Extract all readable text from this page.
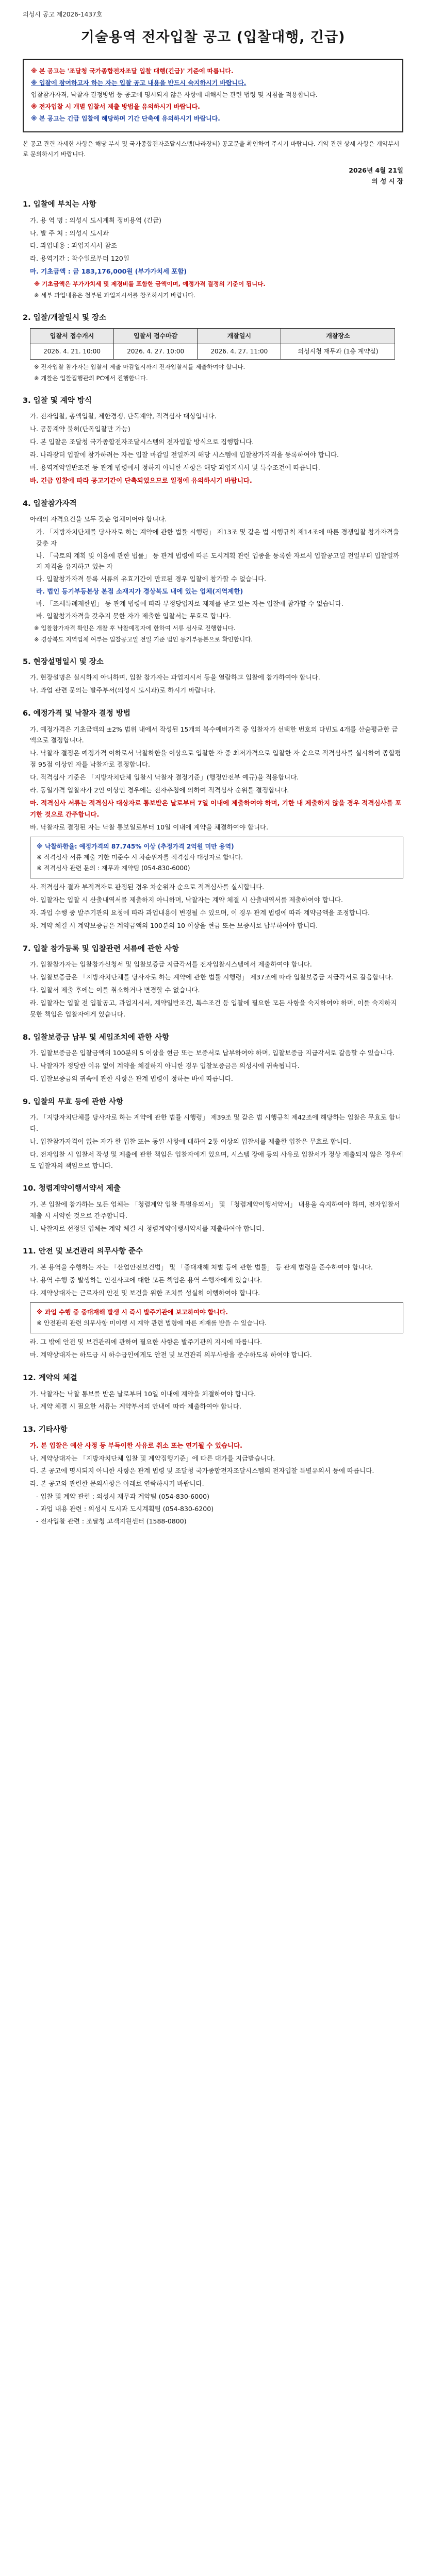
의성시 공고 제2026-1437호
기술용역 전자입찰 공고 (입찰대행, 긴급)
※ 본 공고는 '조달청 국가종합전자조달 입찰 대행(긴급)' 기준에 따릅니다.
※ 입찰에 참여하고자 하는 자는 입찰 공고 내용을 반드시 숙지하시기 바랍니다.
입찰참가자격, 낙찰자 결정방법 등 공고에 명시되지 않은 사항에 대해서는 관련 법령 및 지침을 적용합니다.
※ 전자입찰 시 개별 입찰서 제출 방법을 유의하시기 바랍니다.
※ 본 공고는 긴급 입찰에 해당하며 기간 단축에 유의하시기 바랍니다.
본 공고 관련 자세한 사항은 해당 부서 및 국가종합전자조달시스템(나라장터) 공고문을 확인하여 주시기 바랍니다. 계약 관련 상세 사항은 계약부서로 문의하시기 바랍니다.
2026년 4월 21일
의 성 시 장
1. 입찰에 부치는 사항
가. 용 역 명 : 의성시 도시계획 정비용역 (긴급)
나. 발 주 처 : 의성시 도시과
다. 과업내용 : 과업지시서 참조
라. 용역기간 : 착수일로부터 120일
마. 기초금액 : 금 183,176,000원 (부가가치세 포함)
※ 기초금액은 부가가치세 및 제경비를 포함한 금액이며, 예정가격 결정의 기준이 됩니다.
※ 세부 과업내용은 첨부된 과업지시서를 참조하시기 바랍니다.
2. 입찰/개찰일시 및 장소
입찰서 접수개시	입찰서 접수마감	개찰일시	개찰장소
2026. 4. 21. 10:00	2026. 4. 27. 10:00	2026. 4. 27. 11:00	의성시청 재무과 (1층 계약실)
※ 전자입찰 참가자는 입찰서 제출 마감일시까지 전자입찰서를 제출하여야 합니다.
※ 개찰은 입찰집행관의 PC에서 진행합니다.
3. 입찰 및 계약 방식
가. 전자입찰, 총액입찰, 제한경쟁, 단독계약, 적격심사 대상입니다.
나. 공동계약 불허(단독입찰만 가능)
다. 본 입찰은 조달청 국가종합전자조달시스템의 전자입찰 방식으로 집행합니다.
라. 나라장터 입찰에 참가하려는 자는 입찰 마감일 전일까지 해당 시스템에 입찰참가자격을 등록하여야 합니다.
마. 용역계약일반조건 등 관계 법령에서 정하지 아니한 사항은 해당 과업지시서 및 특수조건에 따릅니다.
바. 긴급 입찰에 따라 공고기간이 단축되었으므로 일정에 유의하시기 바랍니다.
4. 입찰참가자격
아래의 자격요건을 모두 갖춘 업체이어야 합니다.
가. 「지방자치단체를 당사자로 하는 계약에 관한 법률 시행령」 제13조 및 같은 법 시행규칙 제14조에 따른 경쟁입찰 참가자격을 갖춘 자
나. 「국토의 계획 및 이용에 관한 법률」 등 관계 법령에 따른 도시계획 관련 업종을 등록한 자로서 입찰공고일 전일부터 입찰일까지 자격을 유지하고 있는 자
다. 입찰참가자격 등록 서류의 유효기간이 만료된 경우 입찰에 참가할 수 없습니다.
라. 법인 등기부등본상 본점 소재지가 경상북도 내에 있는 업체(지역제한)
마. 「조세특례제한법」 등 관계 법령에 따라 부정당업자로 제재를 받고 있는 자는 입찰에 참가할 수 없습니다.
바. 입찰참가자격을 갖추지 못한 자가 제출한 입찰서는 무효로 합니다.
※ 입찰참가자격 확인은 개찰 후 낙찰예정자에 한하여 서류 심사로 진행합니다.
※ 경상북도 지역업체 여부는 입찰공고일 전일 기준 법인 등기부등본으로 확인합니다.
5. 현장설명일시 및 장소
가. 현장설명은 실시하지 아니하며, 입찰 참가자는 과업지시서 등을 열람하고 입찰에 참가하여야 합니다.
나. 과업 관련 문의는 발주부서(의성시 도시과)로 하시기 바랍니다.
6. 예정가격 및 낙찰자 결정 방법
가. 예정가격은 기초금액의 ±2% 범위 내에서 작성된 15개의 복수예비가격 중 입찰자가 선택한 번호의 다빈도 4개를 산술평균한 금액으로 결정합니다.
나. 낙찰자 결정은 예정가격 이하로서 낙찰하한율 이상으로 입찰한 자 중 최저가격으로 입찰한 자 순으로 적격심사를 실시하여 종합평점 95점 이상인 자를 낙찰자로 결정합니다.
다. 적격심사 기준은 「지방자치단체 입찰시 낙찰자 결정기준」(행정안전부 예규)을 적용합니다.
라. 동일가격 입찰자가 2인 이상인 경우에는 전자추첨에 의하여 적격심사 순위를 결정합니다.
마. 적격심사 서류는 적격심사 대상자로 통보받은 날로부터 7일 이내에 제출하여야 하며, 기한 내 제출하지 않을 경우 적격심사를 포기한 것으로 간주합니다.
바. 낙찰자로 결정된 자는 낙찰 통보일로부터 10일 이내에 계약을 체결하여야 합니다.
※ 낙찰하한율: 예정가격의 87.745% 이상 (추정가격 2억원 미만 용역)
※ 적격심사 서류 제출 기한 미준수 시 차순위자를 적격심사 대상자로 합니다.
※ 적격심사 관련 문의 : 재무과 계약팀 (054-830-6000)
사. 적격심사 결과 부적격자로 판정된 경우 차순위자 순으로 적격심사를 실시합니다.
아. 입찰자는 입찰 시 산출내역서를 제출하지 아니하며, 낙찰자는 계약 체결 시 산출내역서를 제출하여야 합니다.
자. 과업 수행 중 발주기관의 요청에 따라 과업내용이 변경될 수 있으며, 이 경우 관계 법령에 따라 계약금액을 조정합니다.
차. 계약 체결 시 계약보증금은 계약금액의 100분의 10 이상을 현금 또는 보증서로 납부하여야 합니다.
7. 입찰 참가등록 및 입찰관련 서류에 관한 사항
가. 입찰참가자는 입찰참가신청서 및 입찰보증금 지급각서를 전자입찰시스템에서 제출하여야 합니다.
나. 입찰보증금은 「지방자치단체를 당사자로 하는 계약에 관한 법률 시행령」 제37조에 따라 입찰보증금 지급각서로 갈음합니다.
다. 입찰서 제출 후에는 이를 취소하거나 변경할 수 없습니다.
라. 입찰자는 입찰 전 입찰공고, 과업지시서, 계약일반조건, 특수조건 등 입찰에 필요한 모든 사항을 숙지하여야 하며, 이를 숙지하지 못한 책임은 입찰자에게 있습니다.
8. 입찰보증금 납부 및 세입조치에 관한 사항
가. 입찰보증금은 입찰금액의 100분의 5 이상을 현금 또는 보증서로 납부하여야 하며, 입찰보증금 지급각서로 갈음할 수 있습니다.
나. 낙찰자가 정당한 이유 없이 계약을 체결하지 아니한 경우 입찰보증금은 의성시에 귀속됩니다.
다. 입찰보증금의 귀속에 관한 사항은 관계 법령이 정하는 바에 따릅니다.
9. 입찰의 무효 등에 관한 사항
가. 「지방자치단체를 당사자로 하는 계약에 관한 법률 시행령」 제39조 및 같은 법 시행규칙 제42조에 해당하는 입찰은 무효로 합니다.
나. 입찰참가자격이 없는 자가 한 입찰 또는 동일 사항에 대하여 2통 이상의 입찰서를 제출한 입찰은 무효로 합니다.
다. 전자입찰 시 입찰서 작성 및 제출에 관한 책임은 입찰자에게 있으며, 시스템 장애 등의 사유로 입찰서가 정상 제출되지 않은 경우에도 입찰자의 책임으로 합니다.
10. 청렴계약이행서약서 제출
가. 본 입찰에 참가하는 모든 업체는 「청렴계약 입찰 특별유의서」 및 「청렴계약이행서약서」 내용을 숙지하여야 하며, 전자입찰서 제출 시 서약한 것으로 간주합니다.
나. 낙찰자로 선정된 업체는 계약 체결 시 청렴계약이행서약서를 제출하여야 합니다.
11. 안전 및 보건관리 의무사항 준수
가. 본 용역을 수행하는 자는 「산업안전보건법」 및 「중대재해 처벌 등에 관한 법률」 등 관계 법령을 준수하여야 합니다.
나. 용역 수행 중 발생하는 안전사고에 대한 모든 책임은 용역 수행자에게 있습니다.
다. 계약상대자는 근로자의 안전 및 보건을 위한 조치를 성실히 이행하여야 합니다.
※ 과업 수행 중 중대재해 발생 시 즉시 발주기관에 보고하여야 합니다.
※ 안전관리 관련 의무사항 미이행 시 계약 관련 법령에 따른 제재를 받을 수 있습니다.
라. 그 밖에 안전 및 보건관리에 관하여 필요한 사항은 발주기관의 지시에 따릅니다.
마. 계약상대자는 하도급 시 하수급인에게도 안전 및 보건관리 의무사항을 준수하도록 하여야 합니다.
12. 계약의 체결
가. 낙찰자는 낙찰 통보를 받은 날로부터 10일 이내에 계약을 체결하여야 합니다.
나. 계약 체결 시 필요한 서류는 계약부서의 안내에 따라 제출하여야 합니다.
13. 기타사항
가. 본 입찰은 예산 사정 등 부득이한 사유로 취소 또는 연기될 수 있습니다.
나. 계약상대자는 「지방자치단체 입찰 및 계약집행기준」에 따른 대가를 지급받습니다.
다. 본 공고에 명시되지 아니한 사항은 관계 법령 및 조달청 국가종합전자조달시스템의 전자입찰 특별유의서 등에 따릅니다.
라. 본 공고와 관련한 문의사항은 아래로 연락하시기 바랍니다.
- 입찰 및 계약 관련 : 의성시 재무과 계약팀 (054-830-6000)
- 과업 내용 관련 : 의성시 도시과 도시계획팀 (054-830-6200)
- 전자입찰 관련 : 조달청 고객지원센터 (1588-0800)
